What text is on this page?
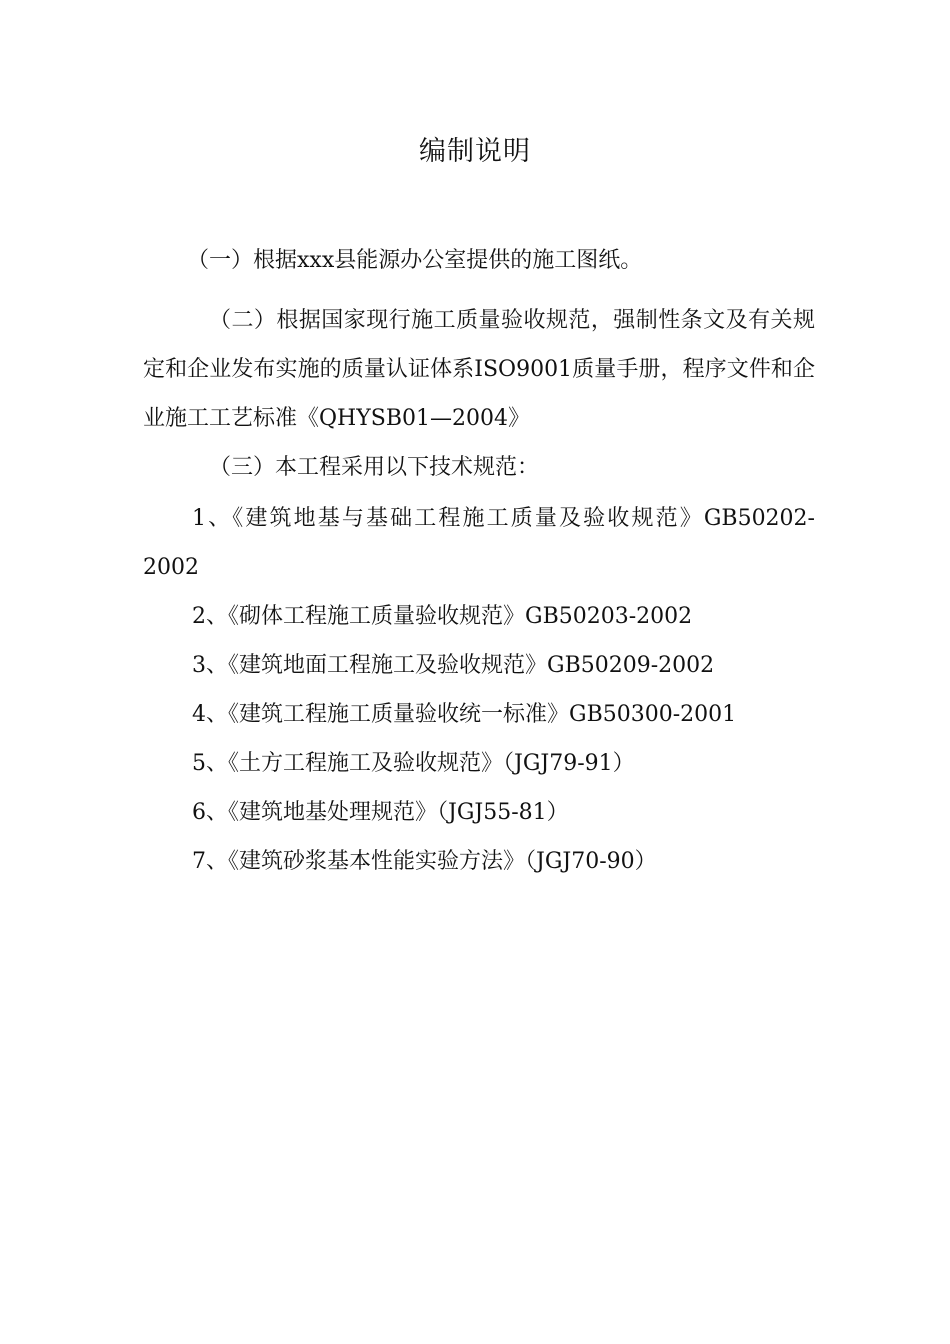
编制说明
（一）根据xxx县能源办公室提供的施工图纸。
（二）根据国家现行施工质量验收规范，强制性条文及有关规定和企业发布实施的质量认证体系ISO9001质量手册，程序文件和企业施工工艺标准《QHYSB01—2004》
（三）本工程采用以下技术规范：
1、《建筑地基与基础工程施工质量及验收规范》GB50202-2002
2、《砌体工程施工质量验收规范》GB50203-2002
3、《建筑地面工程施工及验收规范》GB50209-2002
4、《建筑工程施工质量验收统一标准》GB50300-2001
5、《土方工程施工及验收规范》（JGJ79-91）
6、《建筑地基处理规范》（JGJ55-81）
7、《建筑砂浆基本性能实验方法》（JGJ70-90）
